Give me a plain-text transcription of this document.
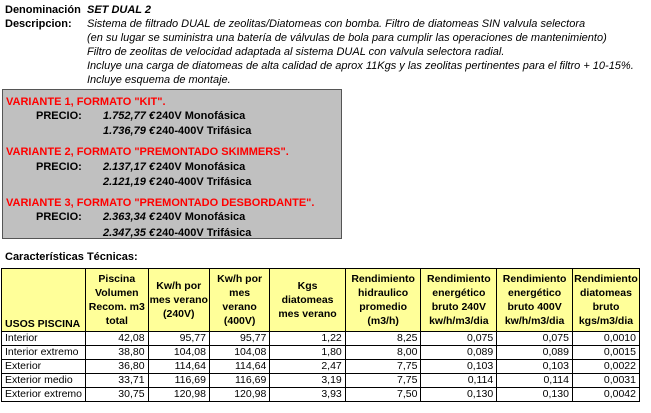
Denominación SET DUAL 2
Descripcion:	Sistema de filtrado DUAL de zeolitas/Diatomeas con bomba. Filtro de diatomeas SIN valvula selectora
(en su lugar se suministra una batería de válvulas de bola para cumplir las operaciones de mantenimiento)
Filtro de zeolitas de velocidad adaptada al sistema DUAL con valvula selectora radial.
Incluye una carga de diatomeas de alta calidad de aprox 11Kgs y las zeolitas pertinentes para el filtro + 10-15%.
Incluye esquema de montaje.
VARIANTE 1, FORMATO "KIT".
PRECIO:	1.752,77 € 240V Monofásica
1.736,79 € 240-400V Trifásica
VARIANTE 2, FORMATO "PREMONTADO SKIMMERS".
PRECIO:	2.137,17 € 240V Monofásica
2.121,19 € 240-400V Trifásica
VARIANTE 3, FORMATO "PREMONTADO DESBORDANTE".
PRECIO:	2.363,34 € 240V Monofásica
2.347,35 € 240-400V Trifásica
Características Técnicas:
USOS PISCINA	Piscina Volumen Recom. m3 total	Kw/h por mes verano (240V)	Kw/h por mes verano (400V)	Kgs diatomeas mes verano	Rendimiento hidraulico promedio (m3/h)	Rendimiento energético bruto 240V kw/h/m3/dia	Rendimiento energético bruto 400V kw/h/m3/dia	Rendimiento diatomeas bruto kgs/m3/dia
Interior	42,08	95,77	95,77	1,22	8,25	0,075	0,075	0,0010
Interior extremo	38,80	104,08	104,08	1,80	8,00	0,089	0,089	0,0015
Exterior	36,80	114,64	114,64	2,47	7,75	0,103	0,103	0,0022
Exterior medio	33,71	116,69	116,69	3,19	7,75	0,114	0,114	0,0031
Exterior extremo	30,75	120,98	120,98	3,93	7,50	0,130	0,130	0,0042
